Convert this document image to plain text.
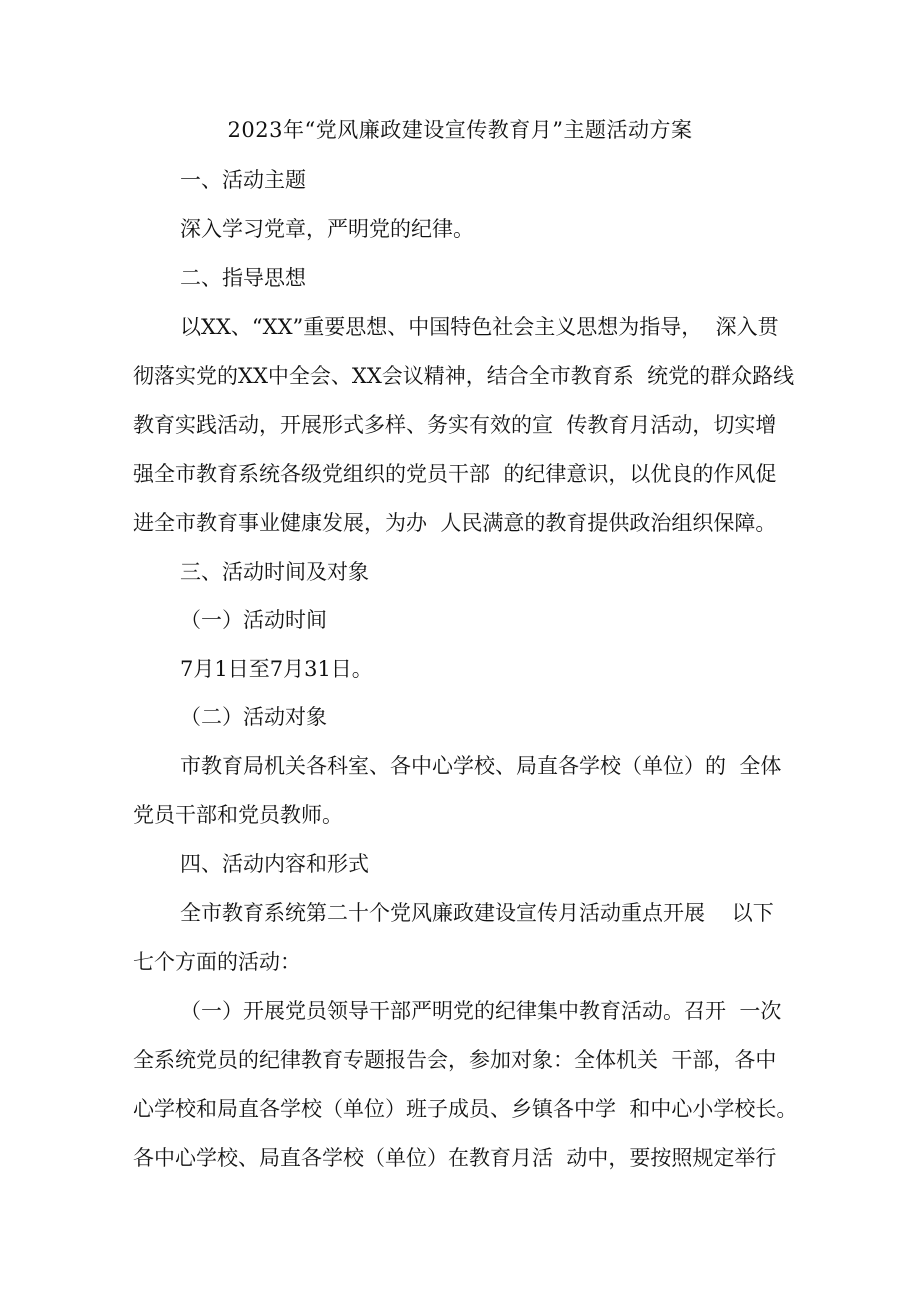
2023年“党风廉政建设宣传教育月”主题活动方案
一、活动主题
深入学习党章，严明党的纪律。
二、指导思想
以XX、“XX”重要思想、中国特色社会主义思想为指导，  深入贯
彻落实党的XX中全会、XX会议精神，结合全市教育系  统党的群众路线
教育实践活动，开展形式多样、务实有效的宣  传教育月活动，切实增
强全市教育系统各级党组织的党员干部  的纪律意识，以优良的作风促
进全市教育事业健康发展，为办  人民满意的教育提供政治组织保障。
三、活动时间及对象
（一）活动时间
7月1日至7月31日。
（二）活动对象
市教育局机关各科室、各中心学校、局直各学校（单位）的  全体
党员干部和党员教师。
四、活动内容和形式
全市教育系统第二十个党风廉政建设宣传月活动重点开展    以下
七个方面的活动：
（一）开展党员领导干部严明党的纪律集中教育活动。召开  一次
全系统党员的纪律教育专题报告会，参加对象：全体机关  干部，各中
心学校和局直各学校（单位）班子成员、乡镇各中学  和中心小学校长。
各中心学校、局直各学校（单位）在教育月活  动中，要按照规定举行
